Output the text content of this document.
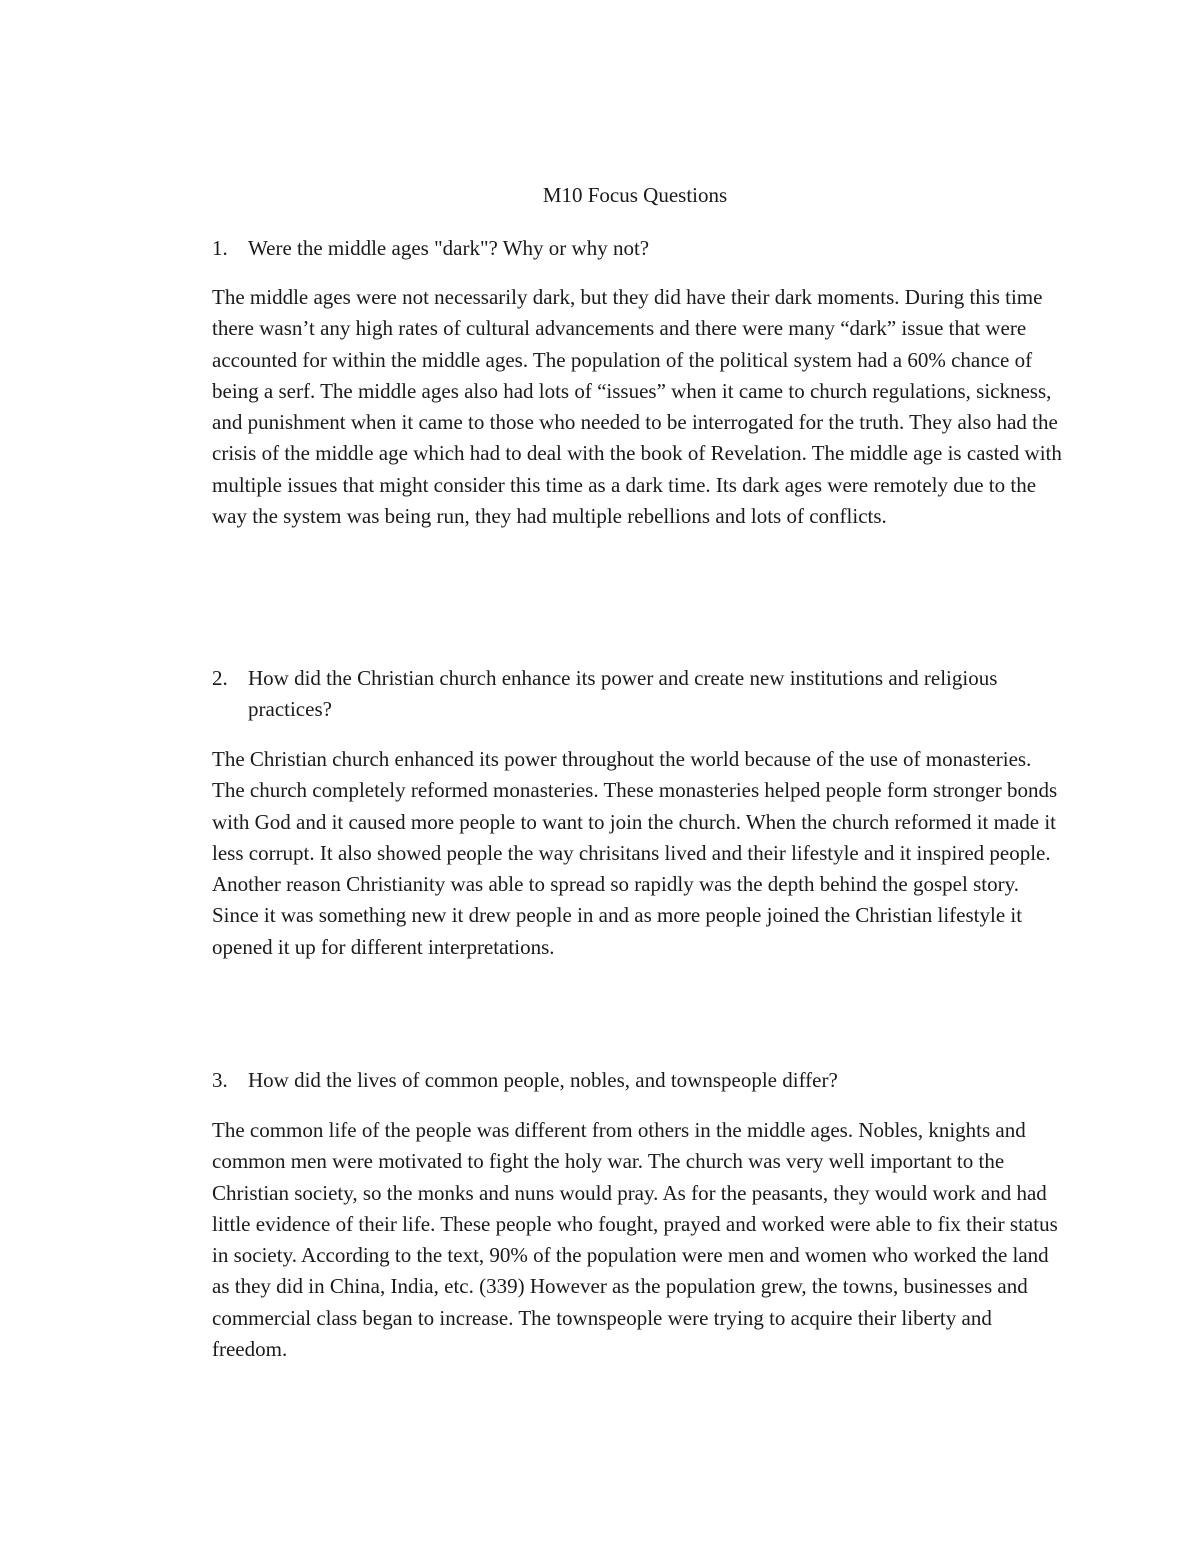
M10 Focus Questions
1. Were the middle ages "dark"? Why or why not?
The middle ages were not necessarily dark, but they did have their dark moments. During this time there wasn’t any high rates of cultural advancements and there were many “dark” issue that were accounted for within the middle ages. The population of the political system had a 60% chance of being a serf. The middle ages also had lots of “issues” when it came to church regulations, sickness, and punishment when it came to those who needed to be interrogated for the truth. They also had the crisis of the middle age which had to deal with the book of Revelation. The middle age is casted with multiple issues that might consider this time as a dark time. Its dark ages were remotely due to the way the system was being run, they had multiple rebellions and lots of conflicts.
2. How did the Christian church enhance its power and create new institutions and religious practices?
The Christian church enhanced its power throughout the world because of the use of monasteries. The church completely reformed monasteries. These monasteries helped people form stronger bonds with God and it caused more people to want to join the church. When the church reformed it made it less corrupt. It also showed people the way chrisitans lived and their lifestyle and it inspired people. Another reason Christianity was able to spread so rapidly was the depth behind the gospel story. Since it was something new it drew people in and as more people joined the Christian lifestyle it opened it up for different interpretations.
3. How did the lives of common people, nobles, and townspeople differ?
The common life of the people was different from others in the middle ages. Nobles, knights and common men were motivated to fight the holy war. The church was very well important to the Christian society, so the monks and nuns would pray. As for the peasants, they would work and had little evidence of their life. These people who fought, prayed and worked were able to fix their status in society. According to the text, 90% of the population were men and women who worked the land as they did in China, India, etc. (339) However as the population grew, the towns, businesses and commercial class began to increase. The townspeople were trying to acquire their liberty and freedom.
